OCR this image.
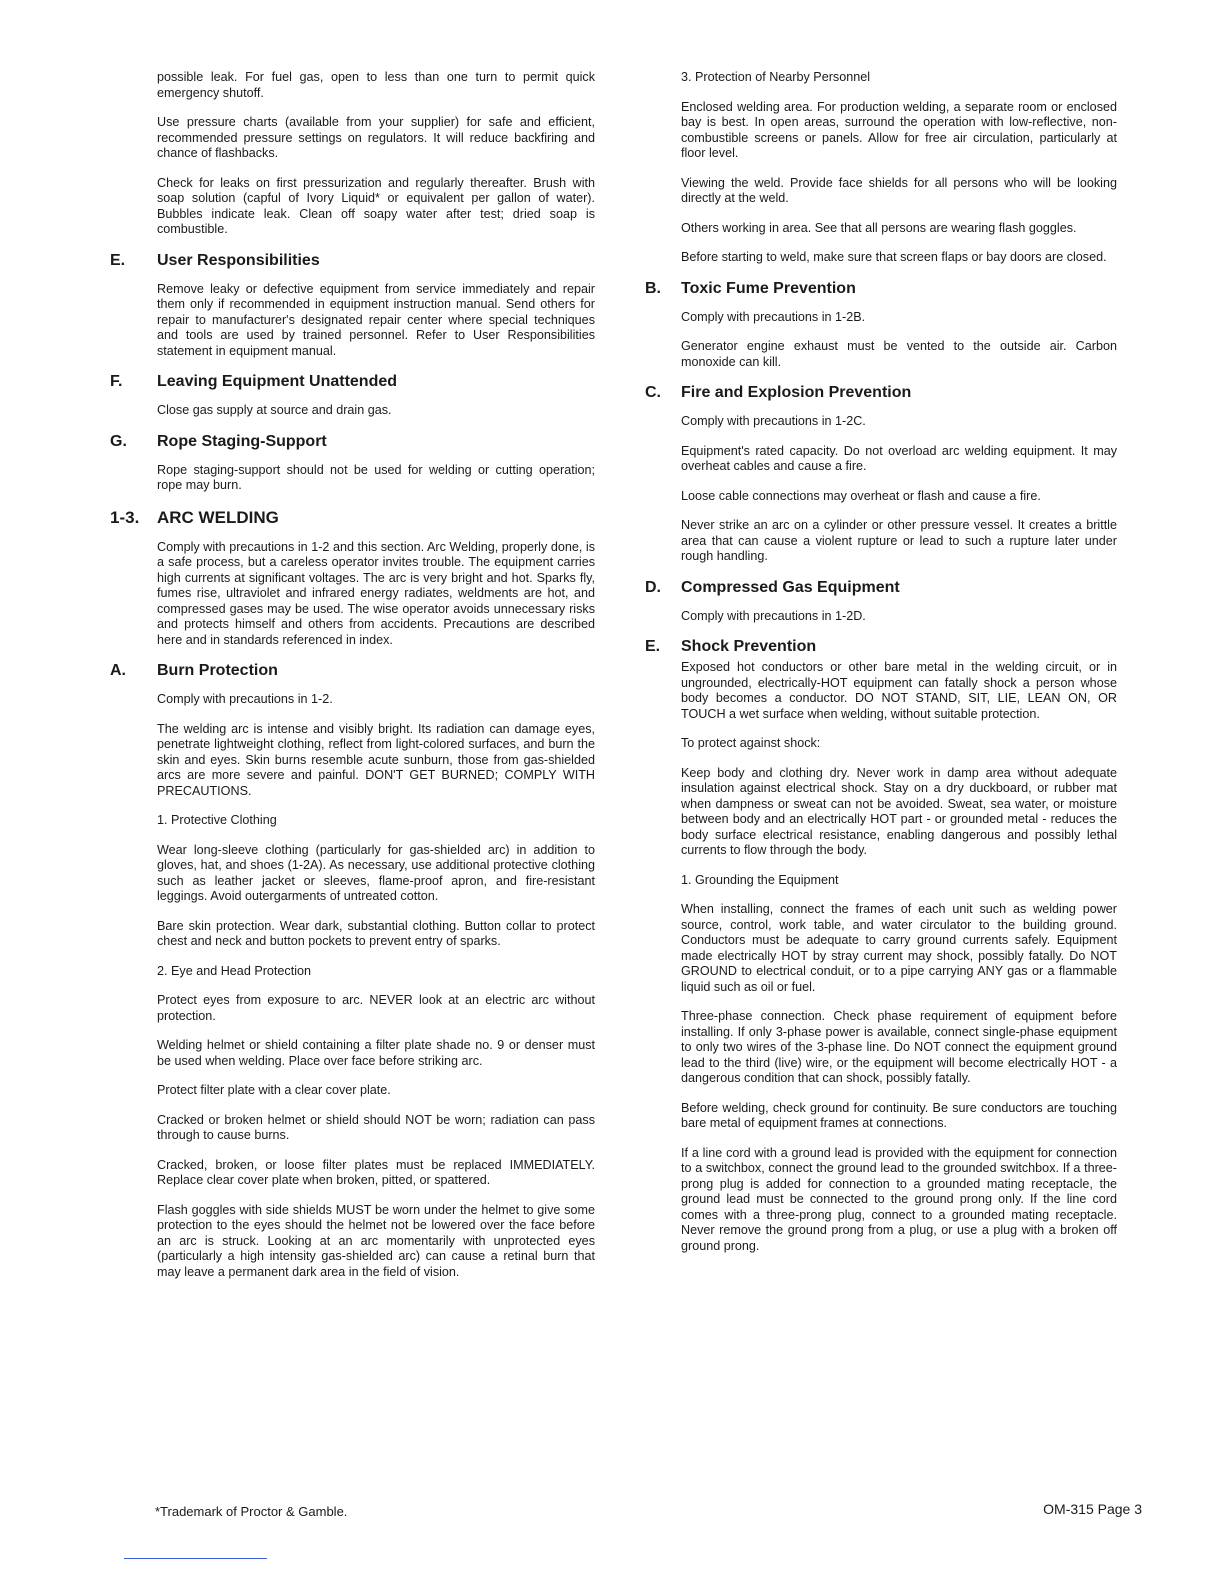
possible leak. For fuel gas, open to less than one turn to permit quick emergency shutoff.

Use pressure charts (available from your supplier) for safe and efficient, recommended pressure settings on regulators. It will reduce backfiring and chance of flashbacks.

Check for leaks on first pressurization and regularly thereafter. Brush with soap solution (capful of Ivory Liquid* or equivalent per gallon of water). Bubbles indicate leak. Clean off soapy water after test; dried soap is combustible.

E.	User Responsibilities

Remove leaky or defective equipment from service immediately and repair them only if recommended in equipment instruction manual. Send others for repair to manufacturer's designated repair center where special techniques and tools are used by trained personnel. Refer to User Responsibilities statement in equipment manual.

F.	Leaving Equipment Unattended

Close gas supply at source and drain gas.

G.	Rope Staging-Support

Rope staging-support should not be used for welding or cutting operation; rope may burn.

1-3.	ARC WELDING

Comply with precautions in 1-2 and this section. Arc Welding, properly done, is a safe process, but a careless operator invites trouble. The equipment carries high currents at significant voltages. The arc is very bright and hot. Sparks fly, fumes rise, ultraviolet and infrared energy radiates, weldments are hot, and compressed gases may be used. The wise operator avoids unnecessary risks and protects himself and others from accidents. Precautions are described here and in standards referenced in index.

A.	Burn Protection

Comply with precautions in 1-2.

The welding arc is intense and visibly bright. Its radiation can damage eyes, penetrate lightweight clothing, reflect from light-colored surfaces, and burn the skin and eyes. Skin burns resemble acute sunburn, those from gas-shielded arcs are more severe and painful. DON'T GET BURNED; COMPLY WITH PRECAUTIONS.

1. Protective Clothing

Wear long-sleeve clothing (particularly for gas-shielded arc) in addition to gloves, hat, and shoes (1-2A). As necessary, use additional protective clothing such as leather jacket or sleeves, flame-proof apron, and fire-resistant leggings. Avoid outergarments of untreated cotton.

Bare skin protection. Wear dark, substantial clothing. Button collar to protect chest and neck and button pockets to prevent entry of sparks.

2. Eye and Head Protection

Protect eyes from exposure to arc. NEVER look at an electric arc without protection.

Welding helmet or shield containing a filter plate shade no. 9 or denser must be used when welding. Place over face before striking arc.

Protect filter plate with a clear cover plate.

Cracked or broken helmet or shield should NOT be worn; radiation can pass through to cause burns.

Cracked, broken, or loose filter plates must be replaced IMMEDIATELY. Replace clear cover plate when broken, pitted, or spattered.

Flash goggles with side shields MUST be worn under the helmet to give some protection to the eyes should the helmet not be lowered over the face before an arc is struck. Looking at an arc momentarily with unprotected eyes (particularly a high intensity gas-shielded arc) can cause a retinal burn that may leave a permanent dark area in the field of vision.

3. Protection of Nearby Personnel

Enclosed welding area. For production welding, a separate room or enclosed bay is best. In open areas, surround the operation with low-reflective, non-combustible screens or panels. Allow for free air circulation, particularly at floor level.

Viewing the weld. Provide face shields for all persons who will be looking directly at the weld.

Others working in area. See that all persons are wearing flash goggles.

Before starting to weld, make sure that screen flaps or bay doors are closed.

B.	Toxic Fume Prevention

Comply with precautions in 1-2B.

Generator engine exhaust must be vented to the outside air. Carbon monoxide can kill.

C.	Fire and Explosion Prevention

Comply with precautions in 1-2C.

Equipment's rated capacity. Do not overload arc welding equipment. It may overheat cables and cause a fire.

Loose cable connections may overheat or flash and cause a fire.

Never strike an arc on a cylinder or other pressure vessel. It creates a brittle area that can cause a violent rupture or lead to such a rupture later under rough handling.

D.	Compressed Gas Equipment

Comply with precautions in 1-2D.

E.	Shock Prevention

Exposed hot conductors or other bare metal in the welding circuit, or in ungrounded, electrically-HOT equipment can fatally shock a person whose body becomes a conductor. DO NOT STAND, SIT, LIE, LEAN ON, OR TOUCH a wet surface when welding, without suitable protection.

To protect against shock:

Keep body and clothing dry. Never work in damp area without adequate insulation against electrical shock. Stay on a dry duckboard, or rubber mat when dampness or sweat can not be avoided. Sweat, sea water, or moisture between body and an electrically HOT part - or grounded metal - reduces the body surface electrical resistance, enabling dangerous and possibly lethal currents to flow through the body.

1. Grounding the Equipment

When installing, connect the frames of each unit such as welding power source, control, work table, and water circulator to the building ground. Conductors must be adequate to carry ground currents safely. Equipment made electrically HOT by stray current may shock, possibly fatally. Do NOT GROUND to electrical conduit, or to a pipe carrying ANY gas or a flammable liquid such as oil or fuel.

Three-phase connection. Check phase requirement of equipment before installing. If only 3-phase power is available, connect single-phase equipment to only two wires of the 3-phase line. Do NOT connect the equipment ground lead to the third (live) wire, or the equipment will become electrically HOT - a dangerous condition that can shock, possibly fatally.

Before welding, check ground for continuity. Be sure conductors are touching bare metal of equipment frames at connections.

If a line cord with a ground lead is provided with the equipment for connection to a switchbox, connect the ground lead to the grounded switchbox. If a three-prong plug is added for connection to a grounded mating receptacle, the ground lead must be connected to the ground prong only. If the line cord comes with a three-prong plug, connect to a grounded mating receptacle. Never remove the ground prong from a plug, or use a plug with a broken off ground prong.

*Trademark of Proctor & Gamble.	OM-315 Page 3
